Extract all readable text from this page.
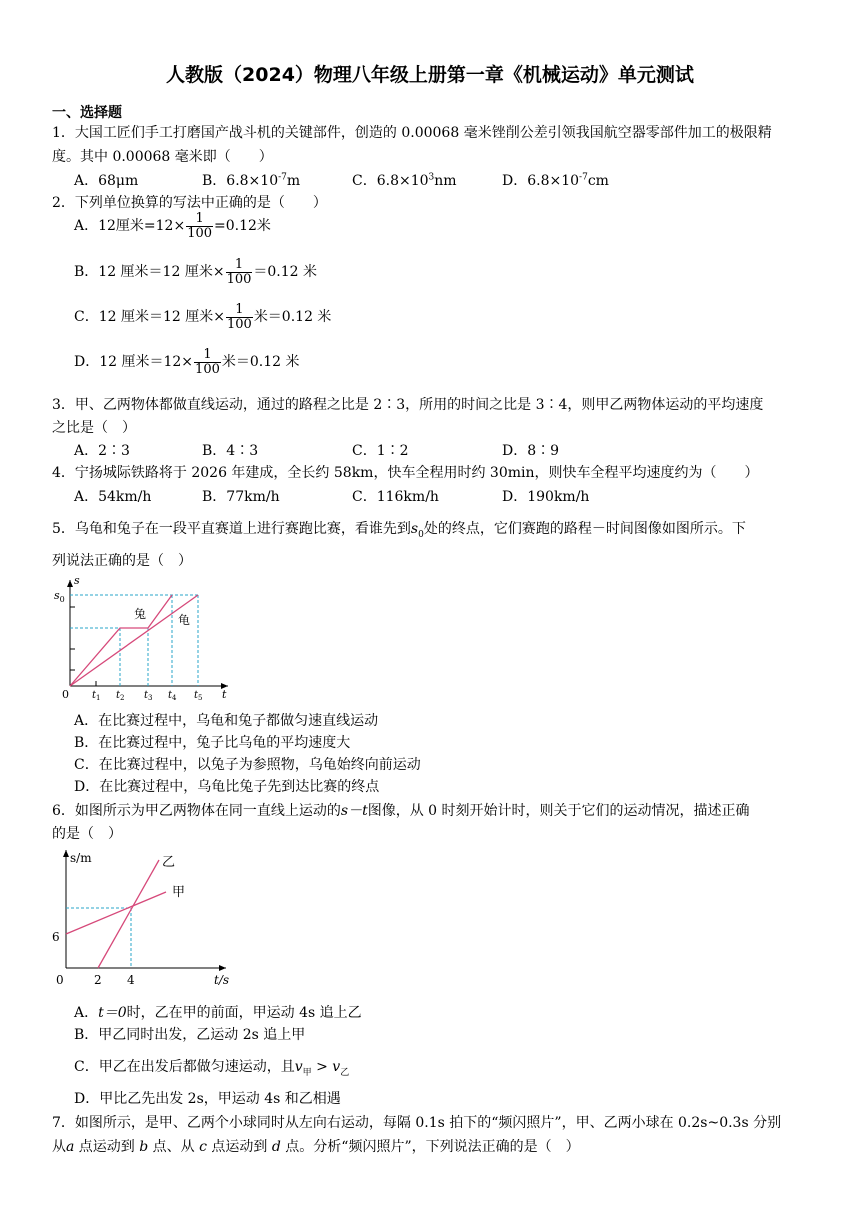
人教版（2024）物理八年级上册第一章《机械运动》单元测试
一、选择题
1．大国工匠们手工打磨国产战斗机的关键部件，创造的 0.00068 毫米锉削公差引领我国航空器零部件加工的极限精
度。其中 0.00068 毫米即（　　）
A．68μm	B．$6.8\times 10^{-7}m$	C．$6.8\times 10^3nm$	D．$6.8\times 10^{-7}cm$
2．下列单位换算的写法中正确的是（　　）
A．12厘米$=12\times \frac{1}{100} =0.12$米
B．12 厘米＝12 厘米× $\frac{1}{100} =0.12$ 米
C．12 厘米＝12 厘米× $\frac{1}{100}$ 米＝0.12 米
D．12 厘米$=12\times \frac{1}{100}$ 米＝0.12 米
3．甲、乙两物体都做直线运动，通过的路程之比是 2∶3，所用的时间之比是 3∶4，则甲乙两物体运动的平均速度
之比是（　）
A．2∶3	B．4∶3	C．1∶2	D．8∶9
4．宁扬城际铁路将于 2026 年建成，全长约 58km，快车全程用时约 30min，则快车全程平均速度约为（　　）
A．54km/h	B．77km/h	C．116km/h	D．190km/h
5．乌龟和兔子在一段平直赛道上进行赛跑比赛，看谁先到$s_0$处的终点，它们赛跑的路程－时间图像如图所示。下
列说法正确的是（　）
s
t
0
$s_0$
$t_1$ $t_2$ $t_3$ $t_4$ $t_5$
兔	龟
A．在比赛过程中，乌龟和兔子都做匀速直线运动
B．在比赛过程中，兔子比乌龟的平均速度大
C．在比赛过程中，以兔子为参照物，乌龟始终向前运动
D．在比赛过程中，乌龟比兔子先到达比赛的终点
6．如图所示为甲乙两物体在同一直线上运动的s－t图像，从 0 时刻开始计时，则关于它们的运动情况，描述正确
的是（　）
s/m
t/s
0	2 4
6
乙
甲
A．t＝0时，乙在甲的前面，甲运动 4s 追上乙
B．甲乙同时出发，乙运动 2s 追上甲
C．甲乙在出发后都做匀速运动，且$v_甲 > v_乙$
D．甲比乙先出发 2s，甲运动 4s 和乙相遇
7．如图所示，是甲、乙两个小球同时从左向右运动，每隔 0.1s 拍下的“频闪照片”，甲、乙两小球在 0.2s~0.3s 分别
从a 点运动到 b 点、从 c 点运动到 d 点。分析“频闪照片”，下列说法正确的是（　）
